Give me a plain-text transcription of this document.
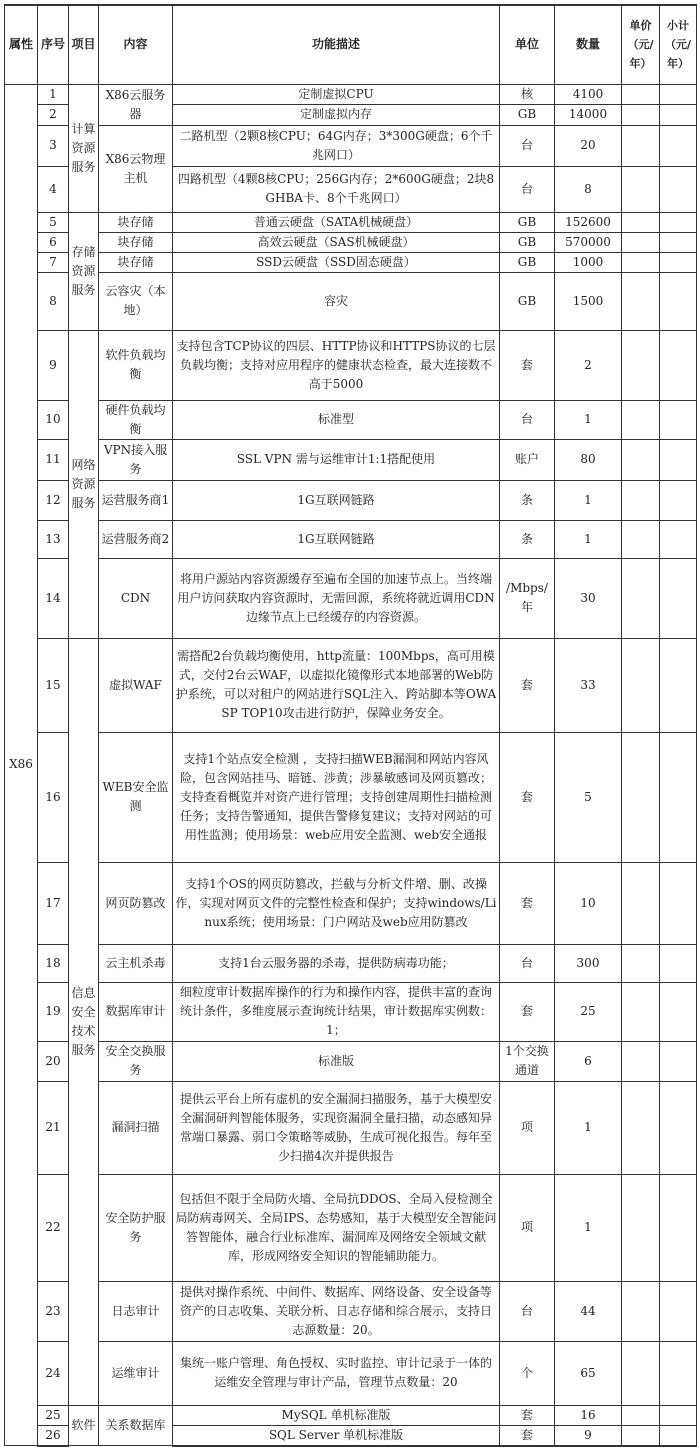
属性	序号	项目	内容	功能描述	单位	数量	单价（元/年）	小计（元/年）
X86	1	计算资源服务	X86云服务器	定制虚拟CPU	核	4100		
	2			定制虚拟内存	GB	14000		
	3		X86云物理主机	二路机型（2颗8核CPU；64G内存；3*300G硬盘；6个千兆网口）	台	20		
	4			四路机型（4颗8核CPU；256G内存；2*600G硬盘；2块8GHBA卡、8个千兆网口）	台	8		
	5	存储资源服务	块存储	普通云硬盘（SATA机械硬盘）	GB	152600		
	6		块存储	高效云硬盘（SAS机械硬盘）	GB	570000		
	7		块存储	SSD云硬盘（SSD固态硬盘）	GB	1000		
	8		云容灾（本地）	容灾	GB	1500		
	9	网络资源服务	软件负载均衡	支持包含TCP协议的四层、HTTP协议和HTTPS协议的七层负载均衡；支持对应用程序的健康状态检查，最大连接数不高于5000	套	2		
	10		硬件负载均衡	标准型	台	1		
	11		VPN接入服务	SSL VPN 需与运维审计1:1搭配使用	账户	80		
	12		运营服务商1	1G互联网链路	条	1		
	13		运营服务商2	1G互联网链路	条	1		
	14		CDN	将用户源站内容资源缓存至遍布全国的加速节点上。当终端用户访问获取内容资源时，无需回源，系统将就近调用CDN边缘节点上已经缓存的内容资源。	/Mbps/年	30		
	15	信息安全技术服务	虚拟WAF	需搭配2台负载均衡使用，http流量：100Mbps，高可用模式，交付2台云WAF，以虚拟化镜像形式本地部署的Web防护系统，可以对租户的网站进行SQL注入、跨站脚本等OWASP TOP10攻击进行防护，保障业务安全。	套	33		
	16		WEB安全监测	支持1个站点安全检测 ，支持扫描WEB漏洞和网站内容风险，包含网站挂马、暗链、涉黄；涉暴敏感词及网页篡改；支持查看概览并对资产进行管理；支持创建周期性扫描检测任务；支持告警通知，提供告警修复建议；支持对网站的可用性监测；使用场景：web应用安全监测、web安全通报	套	5		
	17		网页防篡改	支持1个OS的网页防篡改，拦截与分析文件增、删、改操作，实现对网页文件的完整性检查和保护；支持windows/Linux系统；使用场景：门户网站及web应用防篡改	套	10		
	18		云主机杀毒	支持1台云服务器的杀毒，提供防病毒功能；	台	300		
	19		数据库审计	细粒度审计数据库操作的行为和操作内容，提供丰富的查询统计条件，多维度展示查询统计结果，审计数据库实例数：1；	套	25		
	20		安全交换服务	标准版	1个交换通道	6		
	21		漏洞扫描	提供云平台上所有虚机的安全漏洞扫描服务，基于大模型安全漏洞研判智能体服务，实现资漏洞全量扫描，动态感知异常端口暴露、弱口令策略等威胁，生成可视化报告。每年至少扫描4次并提供报告	项	1		
	22		安全防护服务	包括但不限于全局防火墙、全局抗DDOS、全局入侵检测全局防病毒网关、全局IPS、态势感知，基于大模型安全智能问答智能体，融合行业标准库、漏洞库及网络安全领域文献库，形成网络安全知识的智能辅助能力。	项	1		
	23		日志审计	提供对操作系统、中间件、数据库、网络设备、安全设备等资产的日志收集、关联分析、日志存储和综合展示，支持日志源数量：20。	台	44		
	24		运维审计	集统一账户管理、角色授权、实时监控、审计记录于一体的运维安全管理与审计产品，管理节点数量：20	个	65		
	25	软件	关系数据库	MySQL 单机标准版	套	16		
	26			SQL Server 单机标准版	套	9		
